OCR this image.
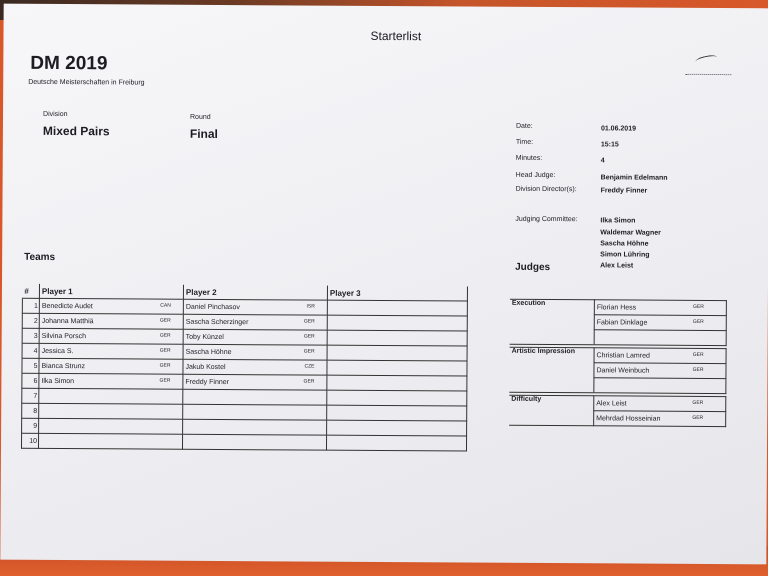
Starterlist
DM 2019
Deutsche Meisterschaften in Freiburg
Division
Mixed Pairs
Round
Final
Date:	01.06.2019
Time:	15:15
Minutes:	4
Head Judge:	Benjamin Edelmann
Division Director(s):	Freddy Finner
Judging Committee:	Ilka Simon
Waldemar Wagner
Sascha Höhne
Simon Lühring
Alex Leist
Teams
Judges
#	Player 1	Player 2	Player 3
1	Benedicte Audet CAN	Daniel Pinchasov ISR	

2	Johanna Matthiä GER	Sascha Scherzinger GER	

3	Silvina Porsch GER	Toby Künzel GER	

4	Jessica S. GER	Sascha Höhne GER	

5	Bianca Strunz GER	Jakub Kostel CZE	

6	Ilka Simon GER	Freddy Finner GER	

7	

8	

9	

10	

Execution	Florian Hess GER

	Fabian Dinklage GER

Artistic Impression	Christian Lamred GER

	Daniel Weinbuch GER

Difficulty	Alex Leist GER

	Mehrdad Hosseinian GER
